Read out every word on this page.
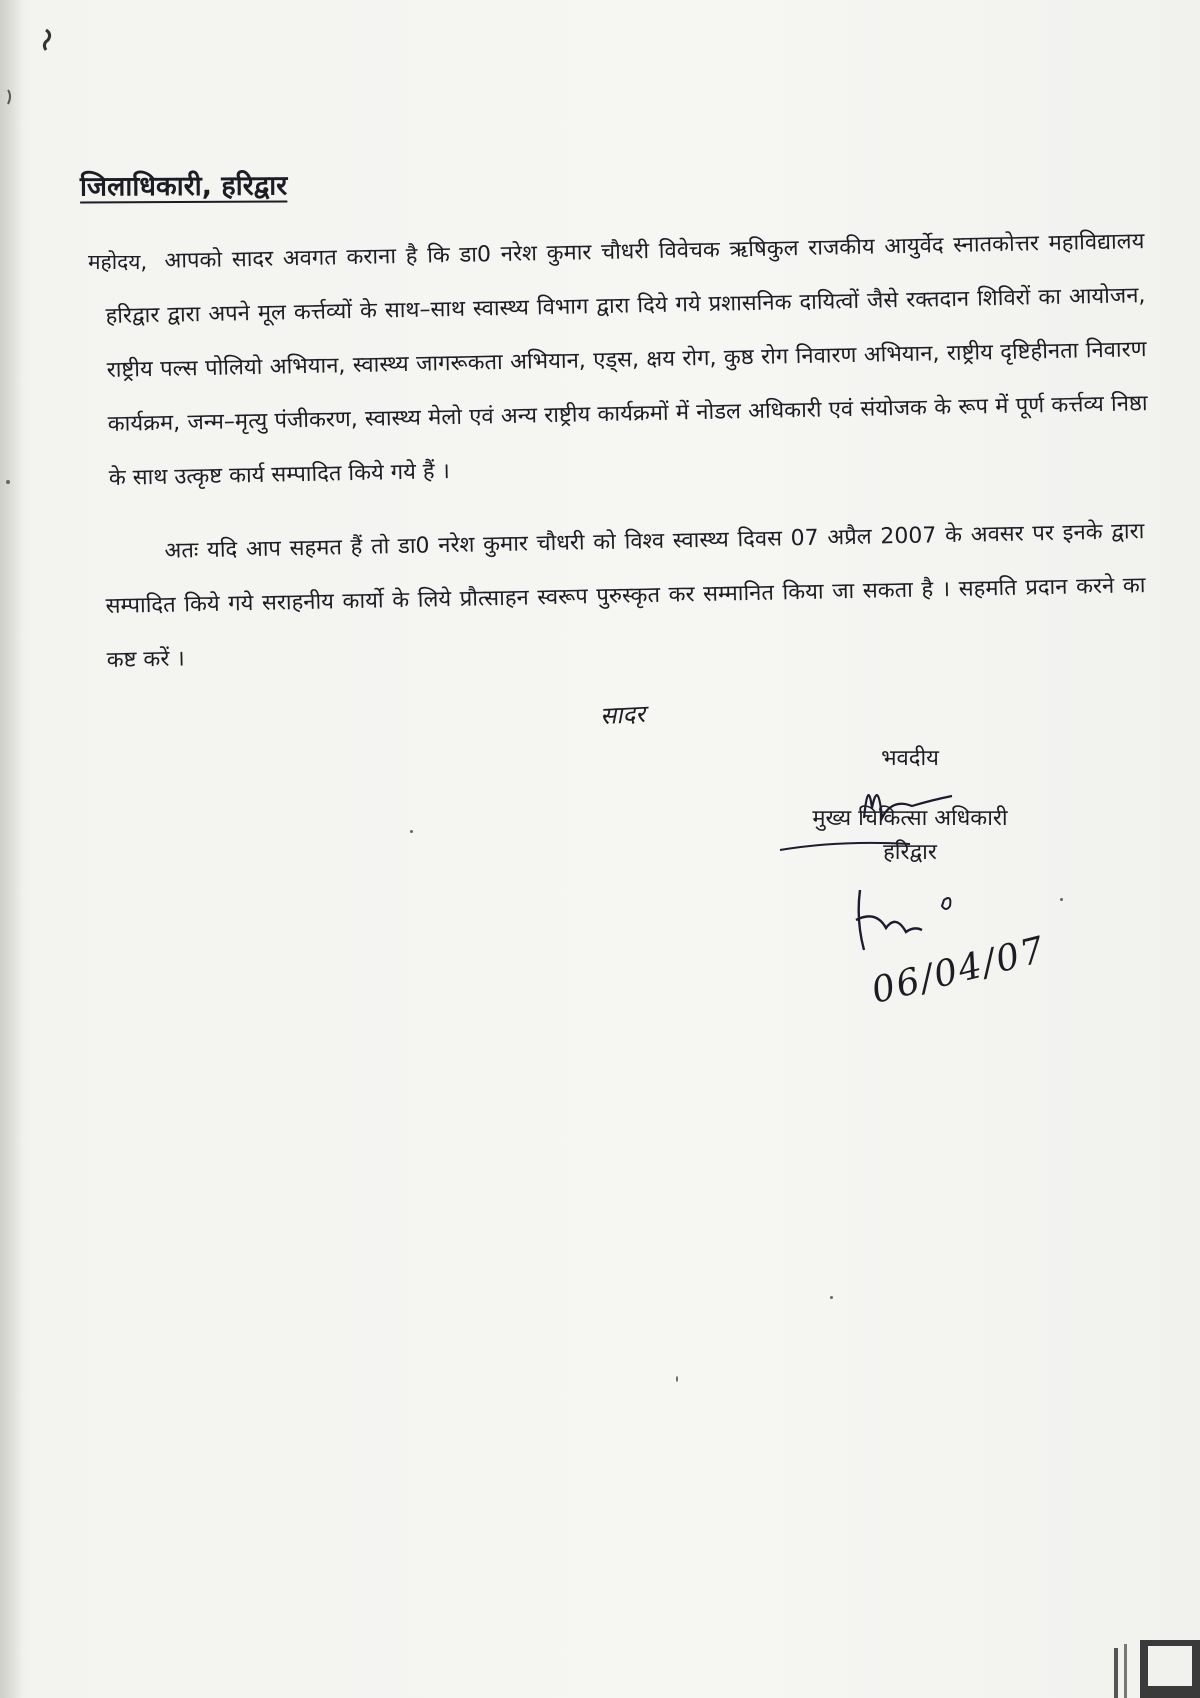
जिलाधिकारी, हरिद्वार
महोदय, आपको सादर अवगत कराना है कि डा0 नरेश कुमार चौधरी विवेचक ऋषिकुल राजकीय आयुर्वेद स्नातकोत्तर महाविद्यालय हरिद्वार द्वारा अपने मूल कर्त्तव्यों के साथ–साथ स्वास्थ्य विभाग द्वारा दिये गये प्रशासनिक दायित्वों जैसे रक्तदान शिविरों का आयोजन, राष्ट्रीय पल्स पोलियो अभियान, स्वास्थ्य जागरूकता अभियान, एड्स, क्षय रोग, कुष्ठ रोग निवारण अभियान, राष्ट्रीय दृष्टिहीनता निवारण कार्यक्रम, जन्म–मृत्यु पंजीकरण, स्वास्थ्य मेलो एवं अन्य राष्ट्रीय कार्यक्रमों में नोडल अधिकारी एवं संयोजक के रूप में पूर्ण कर्त्तव्य निष्ठा के साथ उत्कृष्ट कार्य सम्पादित किये गये हैं ।

अतः यदि आप सहमत हैं तो डा0 नरेश कुमार चौधरी को विश्व स्वास्थ्य दिवस 07 अप्रैल 2007 के अवसर पर इनके द्वारा सम्पादित किये गये सराहनीय कार्यो के लिये प्रौत्साहन स्वरूप पुरुस्कृत कर सम्मानित किया जा सकता है । सहमति प्रदान करने का कष्ट करें ।

सादर
भवदीय
मुख्य चिकित्सा अधिकारी
हरिद्वार
06/04/07
